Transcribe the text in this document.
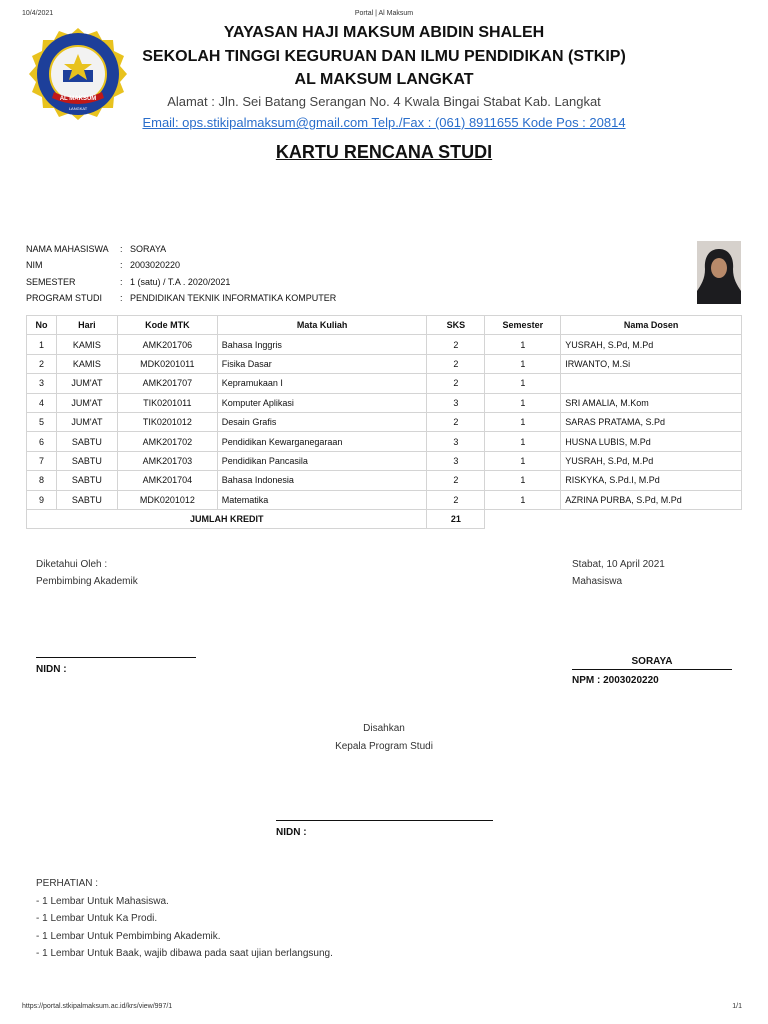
10/4/2021	Portal | Al Maksum
AL MAKSUM
LANGKAT
YAYASAN HAJI MAKSUM ABIDIN SHALEH
SEKOLAH TINGGI KEGURUAN DAN ILMU PENDIDIKAN (STKIP)
AL MAKSUM LANGKAT
Alamat : Jln. Sei Batang Serangan No. 4 Kwala Bingai Stabat Kab. Langkat
Email: ops.stikipalmaksum@gmail.com Telp./Fax : (061) 8911655 Kode Pos : 20814
KARTU RENCANA STUDI
NAMA MAHASISWA	: SORAYA
NIM	: 2003020220
SEMESTER	: 1 (satu) / T.A . 2020/2021
PROGRAM STUDI	: PENDIDIKAN TEKNIK INFORMATIKA KOMPUTER
No	Hari	Kode MTK	Mata Kuliah	SKS	Semester	Nama Dosen
1	KAMIS	AMK201706	Bahasa Inggris	2	1	YUSRAH, S.Pd, M.Pd
2	KAMIS	MDK0201011	Fisika Dasar	2	1	IRWANTO, M.Si
3	JUM'AT	AMK201707	Kepramukaan I	2	1	
4	JUM'AT	TIK0201011	Komputer Aplikasi	3	1	SRI AMALIA, M.Kom
5	JUM'AT	TIK0201012	Desain Grafis	2	1	SARAS PRATAMA, S.Pd
6	SABTU	AMK201702	Pendidikan Kewarganegaraan	3	1	HUSNA LUBIS, M.Pd
7	SABTU	AMK201703	Pendidikan Pancasila	3	1	YUSRAH, S.Pd, M.Pd
8	SABTU	AMK201704	Bahasa Indonesia	2	1	RISKYKA, S.Pd.I, M.Pd
9	SABTU	MDK0201012	Matematika	2	1	AZRINA PURBA, S.Pd, M.Pd
JUMLAH KREDIT				21		
Diketahui Oleh :
Pembimbing Akademik
NIDN :
Stabat, 10 April 2021
Mahasiswa
SORAYA
NPM : 2003020220
Disahkan
Kepala Program Studi
NIDN :
PERHATIAN :
- 1 Lembar Untuk Mahasiswa.
- 1 Lembar Untuk Ka Prodi.
- 1 Lembar Untuk Pembimbing Akademik.
- 1 Lembar Untuk Baak, wajib dibawa pada saat ujian berlangsung.
https://portal.stkipalmaksum.ac.id/krs/view/997/1	1/1
